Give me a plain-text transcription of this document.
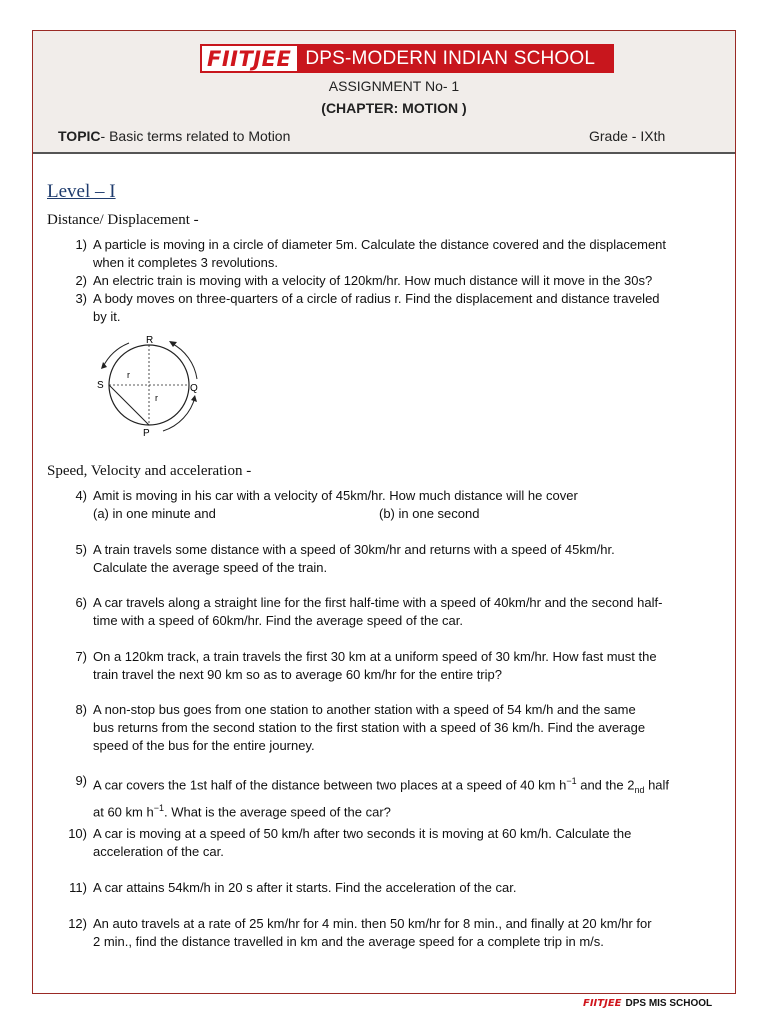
FIITJEE DPS-MODERN INDIAN SCHOOL
ASSIGNMENT No- 1
(CHAPTER: MOTION )
TOPIC- Basic terms related to Motion	Grade - IXth
Level – I
Distance/ Displacement -
1) A particle is moving in a circle of diameter 5m. Calculate the distance covered and the displacement
when it completes 3 revolutions.
2) An electric train is moving with a velocity of 120km/hr. How much distance will it move in the 30s?
3) A body moves on three-quarters of a circle of radius r. Find the displacement and distance traveled
by it.
R
S	Q
P
r
r
Speed, Velocity and acceleration -
4) Amit is moving in his car with a velocity of 45km/hr. How much distance will he cover
(a) in one minute and	(b) in one second
5) A train travels some distance with a speed of 30km/hr and returns with a speed of 45km/hr.
Calculate the average speed of the train.
6) A car travels along a straight line for the first half-time with a speed of 40km/hr and the second half-
time with a speed of 60km/hr. Find the average speed of the car.
7) On a 120km track, a train travels the first 30 km at a uniform speed of 30 km/hr. How fast must the
train travel the next 90 km so as to average 60 km/hr for the entire trip?
8) A non-stop bus goes from one station to another station with a speed of 54 km/h and the same
bus returns from the second station to the first station with a speed of 36 km/h. Find the average
speed of the bus for the entire journey.
9) A car covers the 1st half of the distance between two places at a speed of 40 km $h^{-1}$ and the $2_{nd}$ half
at 60 km $h^{-1}$. What is the average speed of the car?
10) A car is moving at a speed of 50 km/h after two seconds it is moving at 60 km/h. Calculate the
acceleration of the car.
11) A car attains 54km/h in 20 s after it starts. Find the acceleration of the car.
12) An auto travels at a rate of 25 km/hr for 4 min. then 50 km/hr for 8 min., and finally at 20 km/hr for
2 min., find the distance travelled in km and the average speed for a complete trip in m/s.
FIITJEE DPS MIS SCHOOL
